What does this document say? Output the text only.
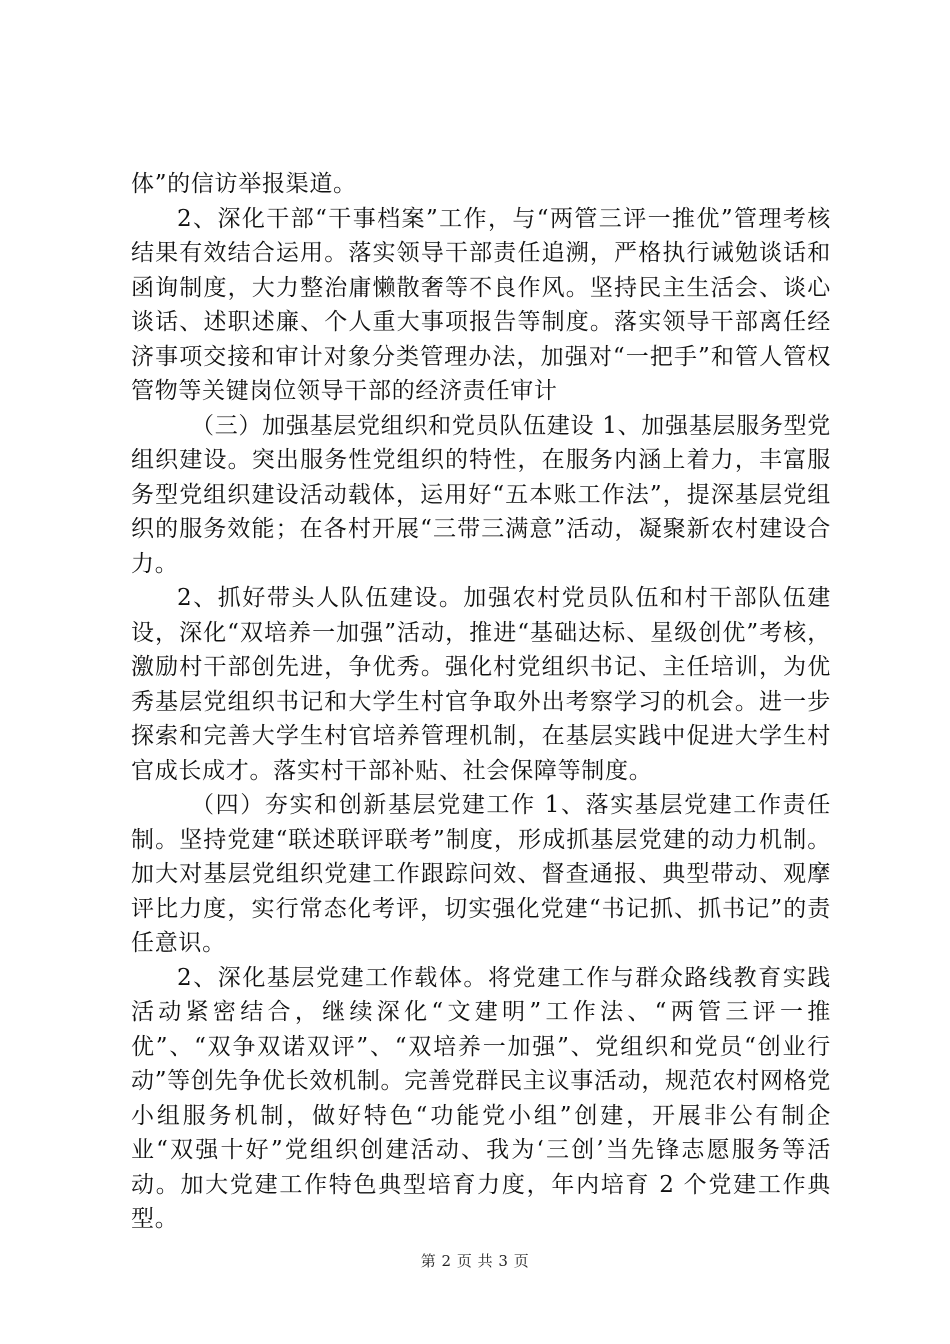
体”的信访举报渠道。

2、深化干部“干事档案”工作，与“两管三评一推优”管理考核结果有效结合运用。落实领导干部责任追溯，严格执行诫勉谈话和函询制度，大力整治庸懒散奢等不良作风。坚持民主生活会、谈心谈话、述职述廉、个人重大事项报告等制度。落实领导干部离任经济事项交接和审计对象分类管理办法，加强对“一把手”和管人管权管物等关键岗位领导干部的经济责任审计

（三）加强基层党组织和党员队伍建设 1、加强基层服务型党组织建设。突出服务性党组织的特性，在服务内涵上着力，丰富服务型党组织建设活动载体，运用好“五本账工作法”，提深基层党组织的服务效能；在各村开展“三带三满意”活动，凝聚新农村建设合力。

2、抓好带头人队伍建设。加强农村党员队伍和村干部队伍建设，深化“双培养一加强”活动，推进“基础达标、星级创优”考核，激励村干部创先进，争优秀。强化村党组织书记、主任培训，为优秀基层党组织书记和大学生村官争取外出考察学习的机会。进一步探索和完善大学生村官培养管理机制，在基层实践中促进大学生村官成长成才。落实村干部补贴、社会保障等制度。

（四）夯实和创新基层党建工作 1、落实基层党建工作责任制。坚持党建“联述联评联考”制度，形成抓基层党建的动力机制。加大对基层党组织党建工作跟踪问效、督查通报、典型带动、观摩评比力度，实行常态化考评，切实强化党建“书记抓、抓书记”的责任意识。

2、深化基层党建工作载体。将党建工作与群众路线教育实践活动紧密结合，继续深化“文建明”工作法、“两管三评一推优”、“双争双诺双评”、“双培养一加强”、党组织和党员“创业行动”等创先争优长效机制。完善党群民主议事活动，规范农村网格党小组服务机制，做好特色“功能党小组”创建，开展非公有制企业“双强十好”党组织创建活动、我为‘三创’当先锋志愿服务等活动。加大党建工作特色典型培育力度，年内培育 2 个党建工作典型。

第 2 页 共 3 页
